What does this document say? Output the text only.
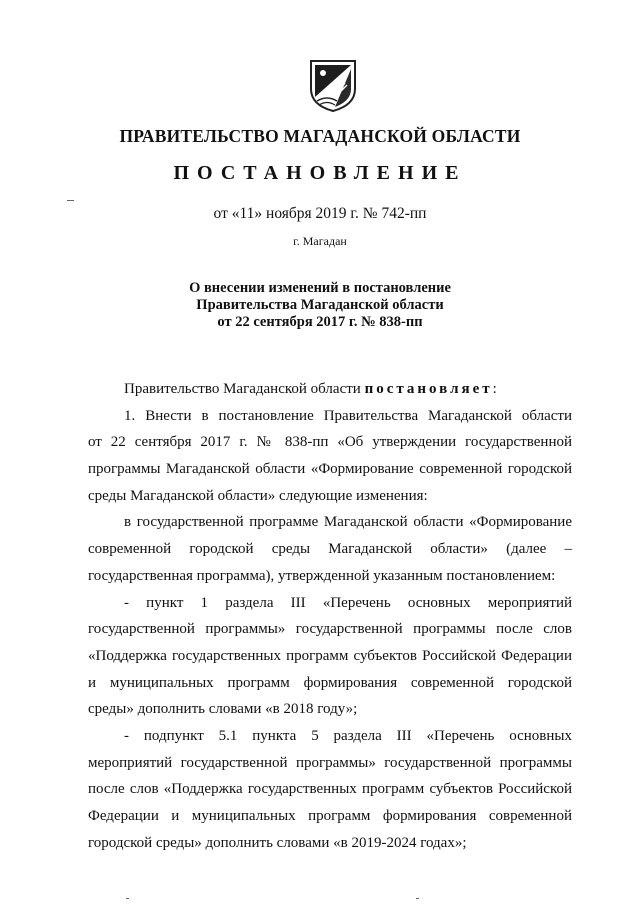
ПРАВИТЕЛЬСТВО МАГАДАНСКОЙ ОБЛАСТИ
ПОСТАНОВЛЕНИЕ
от «11» ноября 2019 г. № 742-пп
г. Магадан
О внесении изменений в постановление
Правительства Магаданской области
от 22 сентября 2017 г. № 838-пп
Правительство Магаданской области постановляет:
1. Внести в постановление Правительства Магаданской области
от 22 сентября 2017 г. № 838-пп «Об утверждении государственной
программы Магаданской области «Формирование современной городской
среды Магаданской области» следующие изменения:
в государственной программе Магаданской области «Формирование
современной городской среды Магаданской области» (далее –
государственная программа), утвержденной указанным постановлением:
- пункт 1 раздела III «Перечень основных мероприятий
государственной программы» государственной программы после слов
«Поддержка государственных программ субъектов Российской Федерации
и муниципальных программ формирования современной городской
среды» дополнить словами «в 2018 году»;
- подпункт 5.1 пункта 5 раздела III «Перечень основных
мероприятий государственной программы» государственной программы
после слов «Поддержка государственных программ субъектов Российской
Федерации и муниципальных программ формирования современной
городской среды» дополнить словами «в 2019-2024 годах»;
